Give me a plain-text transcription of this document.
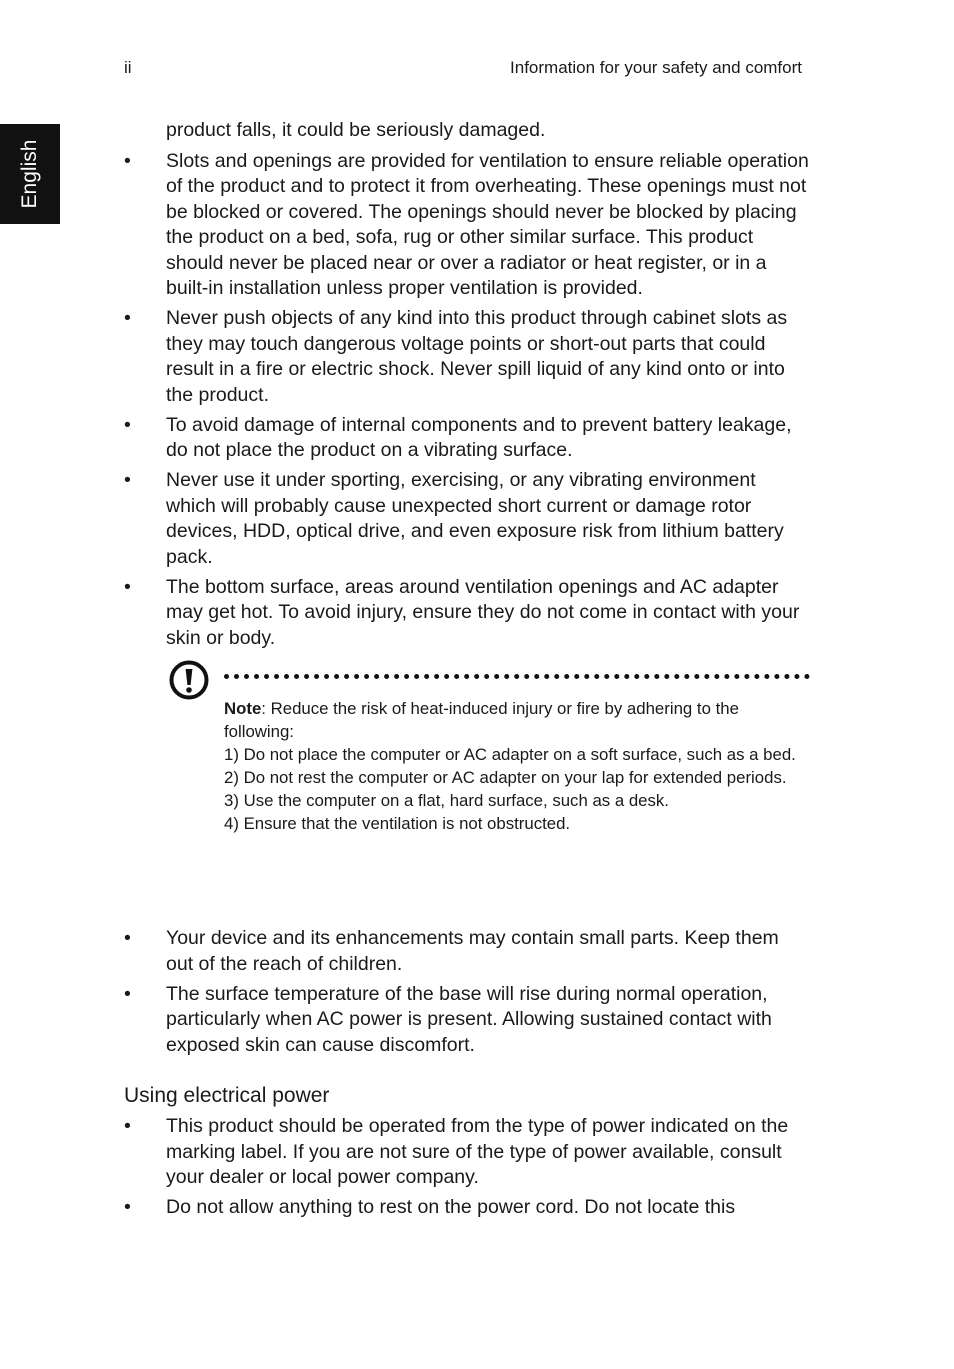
ii	Information for your safety and comfort
English
product falls, it could be seriously damaged.
• Slots and openings are provided for ventilation to ensure reliable operation of the product and to protect it from overheating. These openings must not be blocked or covered. The openings should never be blocked by placing the product on a bed, sofa, rug or other similar surface. This product should never be placed near or over a radiator or heat register, or in a built-in installation unless proper ventilation is provided.
• Never push objects of any kind into this product through cabinet slots as they may touch dangerous voltage points or short-out parts that could result in a fire or electric shock. Never spill liquid of any kind onto or into the product.
• To avoid damage of internal components and to prevent battery leakage, do not place the product on a vibrating surface.
• Never use it under sporting, exercising, or any vibrating environment which will probably cause unexpected short current or damage rotor devices, HDD, optical drive, and even exposure risk from lithium battery pack.
• The bottom surface, areas around ventilation openings and AC adapter may get hot. To avoid injury, ensure they do not come in contact with your skin or body.

Note: Reduce the risk of heat-induced injury or fire by adhering to the following:

1) Do not place the computer or AC adapter on a soft surface, such as a bed.

2) Do not rest the computer or AC adapter on your lap for extended periods.

3) Use the computer on a flat, hard surface, such as a desk.

4) Ensure that the ventilation is not obstructed.

• Your device and its enhancements may contain small parts. Keep them out of the reach of children.
• The surface temperature of the base will rise during normal operation, particularly when AC power is present. Allowing sustained contact with exposed skin can cause discomfort.
Using electrical power
• This product should be operated from the type of power indicated on the marking label. If you are not sure of the type of power available, consult your dealer or local power company.
• Do not allow anything to rest on the power cord. Do not locate this
